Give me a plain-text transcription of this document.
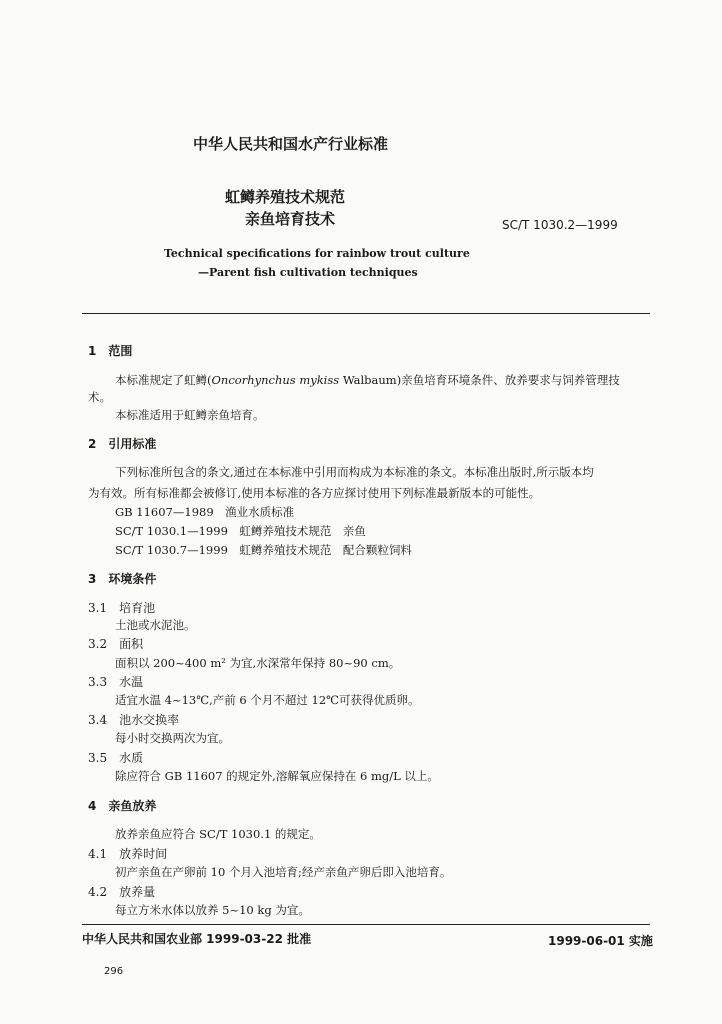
中华人民共和国水产行业标准
虹鳟养殖技术规范
亲鱼培育技术	SC/T 1030.2—1999
Technical specifications for rainbow trout culture
—Parent fish cultivation techniques
1　 范围
本标准规定了虹鳟(Oncorhynchus mykiss Walbaum)亲鱼培育环境条件、放养要求与饲养管理技
术。
本标准适用于虹鳟亲鱼培育。
2　 引用标准
下列标准所包含的条文,通过在本标准中引用而构成为本标准的条文。本标准出版时,所示版本均
为有效。所有标准都会被修订,使用本标准的各方应探讨使用下列标准最新版本的可能性。
GB 11607—1989　渔业水质标准
SC/T 1030.1—1999　虹鳟养殖技术规范　亲鱼
SC/T 1030.7—1999　虹鳟养殖技术规范　配合颗粒饲料
3　 环境条件
3.1　 培育池
土池或水泥池。
3.2　 面积
面积以 200~400 m² 为宜,水深常年保持 80~90 cm。
3.3　 水温
适宜水温 4~13℃,产前 6 个月不超过 12℃可获得优质卵。
3.4　 池水交换率
每小时交换两次为宜。
3.5　 水质
除应符合 GB 11607 的规定外,溶解氧应保持在 6 mg/L 以上。
4　 亲鱼放养
放养亲鱼应符合 SC/T 1030.1 的规定。
4.1　 放养时间
初产亲鱼在产卵前 10 个月入池培育;经产亲鱼产卵后即入池培育。
4.2　 放养量
每立方米水体以放养 5~10 kg 为宜。
中华人民共和国农业部 1999-03-22 批准	1999-06-01 实施
296
